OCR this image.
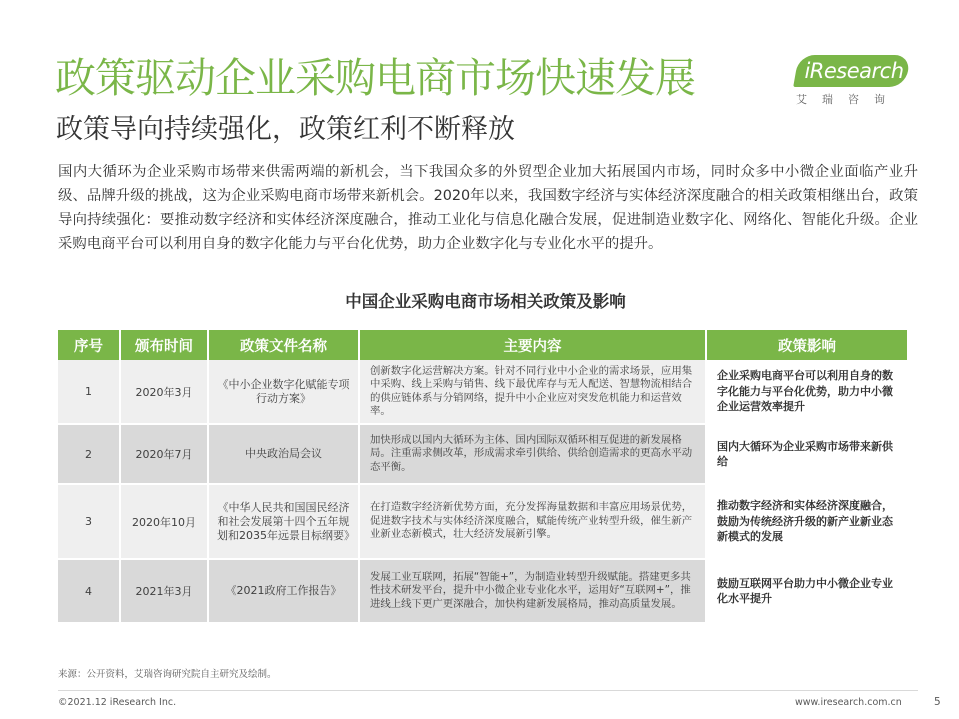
政策驱动企业采购电商市场快速发展
政策导向持续强化，政策红利不断释放
iResearch
艾瑞咨询
国内大循环为企业采购市场带来供需两端的新机会，当下我国众多的外贸型企业加大拓展国内市场，同时众多中小微企业面临产业升级、品牌升级的挑战，这为企业采购电商市场带来新机会。2020年以来，我国数字经济与实体经济深度融合的相关政策相继出台，政策导向持续强化：要推动数字经济和实体经济深度融合，推动工业化与信息化融合发展，促进制造业数字化、网络化、智能化升级。企业采购电商平台可以利用自身的数字化能力与平台化优势，助力企业数字化与专业化水平的提升。
中国企业采购电商市场相关政策及影响
序号	颁布时间	政策文件名称	主要内容	政策影响
1	2020年3月	《中小企业数字化赋能专项行动方案》	创新数字化运营解决方案。针对不同行业中小企业的需求场景，应用集中采购、线上采购与销售、线下最优库存与无人配送、智慧物流相结合的供应链体系与分销网络，提升中小企业应对突发危机能力和运营效率。	企业采购电商平台可以利用自身的数字化能力与平台化优势，助力中小微企业运营效率提升
2	2020年7月	中央政治局会议	加快形成以国内大循环为主体、国内国际双循环相互促进的新发展格局。注重需求侧改革，形成需求牵引供给、供给创造需求的更高水平动态平衡。	国内大循环为企业采购市场带来新供给
3	2020年10月	《中华人民共和国国民经济和社会发展第十四个五年规划和2035年远景目标纲要》	在打造数字经济新优势方面，充分发挥海量数据和丰富应用场景优势，促进数字技术与实体经济深度融合，赋能传统产业转型升级，催生新产业新业态新模式，壮大经济发展新引擎。	推动数字经济和实体经济深度融合，鼓励为传统经济升级的新产业新业态新模式的发展
4	2021年3月	《2021政府工作报告》	发展工业互联网，拓展“智能+”，为制造业转型升级赋能。搭建更多共性技术研发平台，提升中小微企业专业化水平，运用好“互联网+”，推进线上线下更广更深融合，加快构建新发展格局，推动高质量发展。	鼓励互联网平台助力中小微企业专业化水平提升
来源：公开资料，艾瑞咨询研究院自主研究及绘制。
©2021.12 iResearch Inc.	www.iresearch.com.cn	5
